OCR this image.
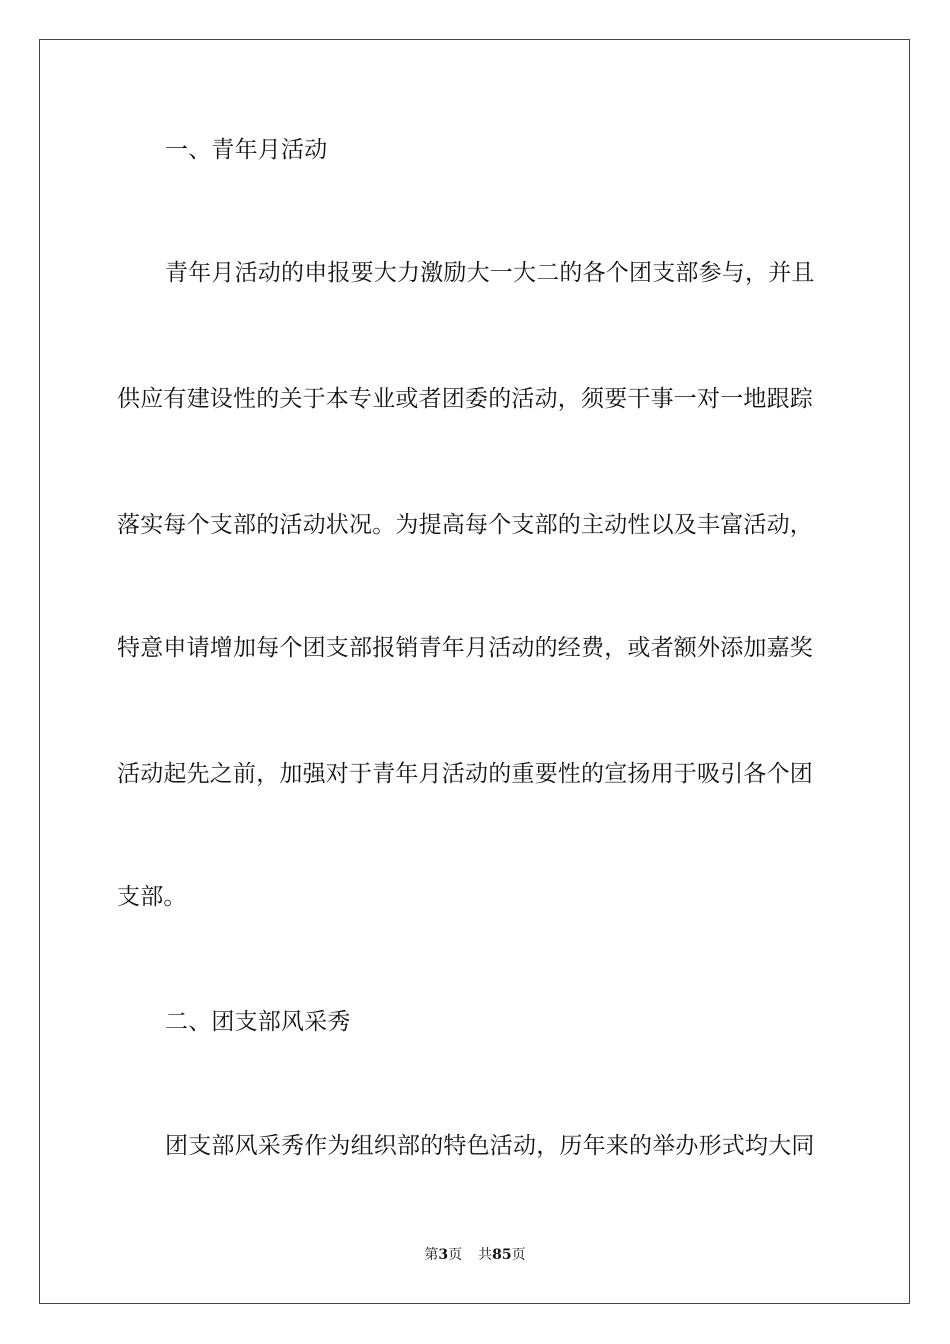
一、青年月活动
青年月活动的申报要大力激励大一大二的各个团支部参与，并且
供应有建设性的关于本专业或者团委的活动，须要干事一对一地跟踪
落实每个支部的活动状况。为提高每个支部的主动性以及丰富活动，
特意申请增加每个团支部报销青年月活动的经费，或者额外添加嘉奖
活动起先之前，加强对于青年月活动的重要性的宣扬用于吸引各个团
支部。
二、团支部风采秀
团支部风采秀作为组织部的特色活动，历年来的举办形式均大同
第3页 共85页
